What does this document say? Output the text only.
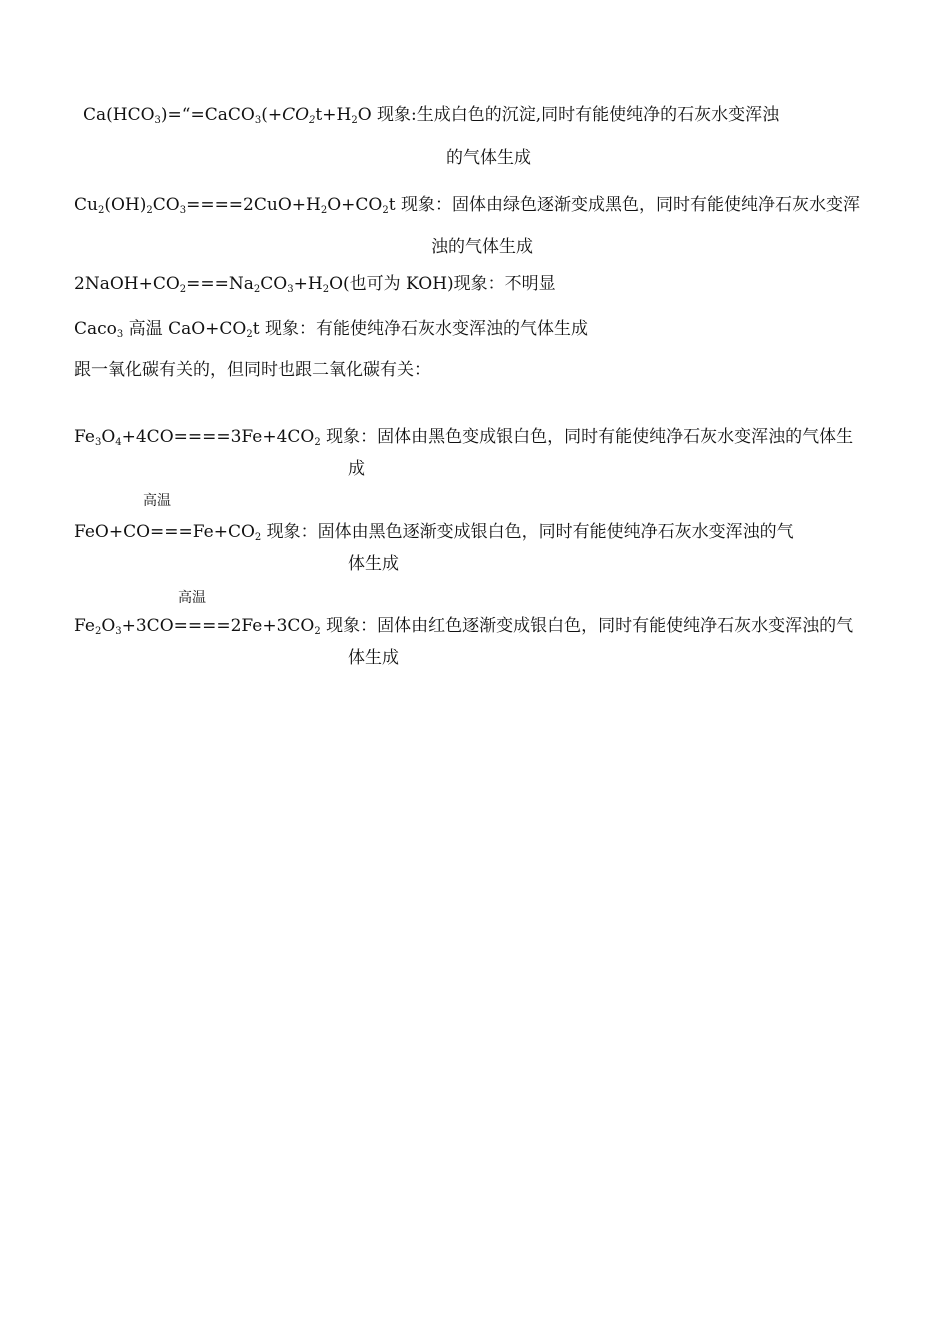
$Ca(HCO_3)=“=CaCO_3(+CO_2t+H_2O$ 现象:生成白色的沉淀,同时有能使纯净的石灰水变浑浊
的气体生成
$Cu_2(OH)_2CO_3====2CuO+H_2O+CO_2t$ 现象：固体由绿色逐渐变成黑色，同时有能使纯净石灰水变浑
浊的气体生成
$2NaOH+CO_2===Na_2CO_3+H_2O$(也可为 KOH)现象：不明显
Caco$_3$ 高温 $CaO+CO_2t$ 现象：有能使纯净石灰水变浑浊的气体生成
跟一氧化碳有关的，但同时也跟二氧化碳有关：
$Fe_3O_4+4CO====3Fe+4CO_2$ 现象：固体由黑色变成银白色，同时有能使纯净石灰水变浑浊的气体生
成
高温
$FeO+CO===Fe+CO_2$ 现象：固体由黑色逐渐变成银白色，同时有能使纯净石灰水变浑浊的气
体生成
高温
$Fe_2O_3+3CO====2Fe+3CO_2$ 现象：固体由红色逐渐变成银白色，同时有能使纯净石灰水变浑浊的气
体生成
